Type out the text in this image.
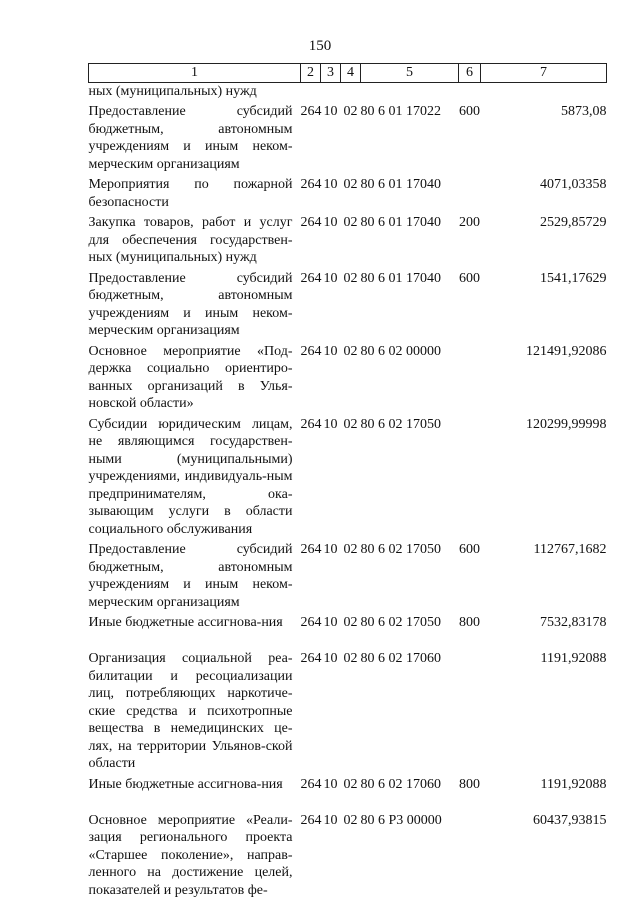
150
1	2	3	4	5	6	7
ных (муниципальных) нужд						
Предоставление субсидий бюджетным, автономным учреждениям и иным неком-мерческим организациям	264	10	02	80 6 01 17022	600	5873,08
Мероприятия по пожарной безопасности	264	10	02	80 6 01 17040		4071,03358
Закупка товаров, работ и услуг для обеспечения государствен-ных (муниципальных) нужд	264	10	02	80 6 01 17040	200	2529,85729
Предоставление субсидий бюджетным, автономным учреждениям и иным неком-мерческим организациям	264	10	02	80 6 01 17040	600	1541,17629
Основное мероприятие «Под-держка социально ориентиро-ванных организаций в Улья-новской области»	264	10	02	80 6 02 00000		121491,92086
Субсидии юридическим лицам, не являющимся государствен-ными (муниципальными) учреждениями, индивидуаль-ным предпринимателям, ока-зывающим услуги в области социального обслуживания	264	10	02	80 6 02 17050		120299,99998
Предоставление субсидий бюджетным, автономным учреждениям и иным неком-мерческим организациям	264	10	02	80 6 02 17050	600	112767,1682
Иные бюджетные ассигнова-ния	264	10	02	80 6 02 17050	800	7532,83178
Организация социальной реа-билитации и ресоциализации лиц, потребляющих наркотиче-ские средства и психотропные вещества в немедицинских це-лях, на территории Ульянов-ской области	264	10	02	80 6 02 17060		1191,92088
Иные бюджетные ассигнова-ния	264	10	02	80 6 02 17060	800	1191,92088
Основное мероприятие «Реали-зация регионального проекта «Старшее поколение», направ-ленного на достижение целей, показателей и результатов фе-	264	10	02	80 6 Р3 00000		60437,93815
